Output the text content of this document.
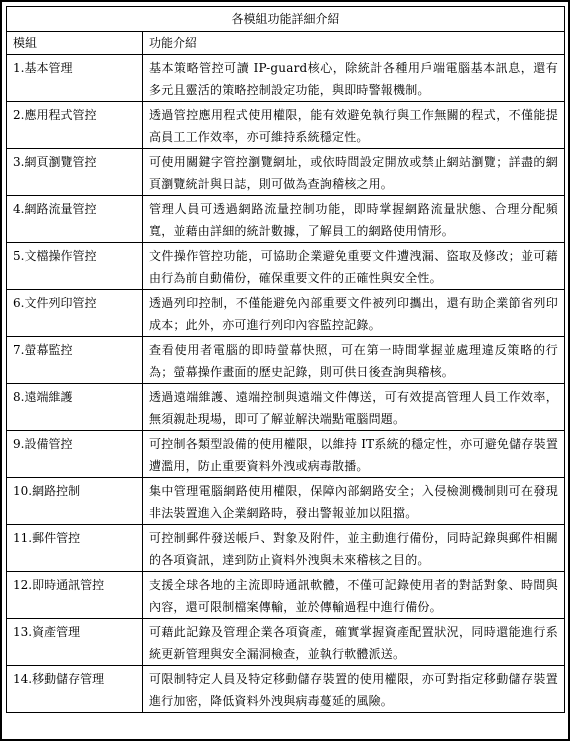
各模組功能詳細介紹	
模組	功能介紹
1.基本管理	基本策略管控可讀 IP-guard核心，除統計各種用戶端電腦基本訊息，還有多元且靈活的策略控制設定功能，與即時警報機制。
2.應用程式管控	透過管控應用程式使用權限，能有效避免執行與工作無關的程式，不僅能提高員工工作效率，亦可維持系統穩定性。
3.網頁瀏覽管控	可使用關鍵字管控瀏覽網址，或依時間設定開放或禁止網站瀏覽；詳盡的網頁瀏覽統計與日誌，則可做為查詢稽核之用。
4.網路流量管控	管理人員可透過網路流量控制功能，即時掌握網路流量狀態、合理分配頻寬，並藉由詳細的統計數據，了解員工的網路使用情形。
5.文檔操作管控	文件操作管控功能，可協助企業避免重要文件遭洩漏、盜取及修改；並可藉由行為前自動備份，確保重要文件的正確性與安全性。
6.文件列印管控	透過列印控制，不僅能避免內部重要文件被列印攜出，還有助企業節省列印成本；此外，亦可進行列印內容監控記錄。
7.螢幕監控	查看使用者電腦的即時螢幕快照，可在第一時間掌握並處理違反策略的行為；螢幕操作畫面的歷史記錄，則可供日後查詢與稽核。
8.遠端維護	透過遠端維護、遠端控制與遠端文件傳送，可有效提高管理人員工作效率，無須親赴現場，即可了解並解決端點電腦問題。
9.設備管控	可控制各類型設備的使用權限，以維持 IT系統的穩定性，亦可避免儲存裝置遭濫用，防止重要資料外洩或病毒散播。
10.網路控制	集中管理電腦網路使用權限，保障內部網路安全；入侵檢測機制則可在發現非法裝置進入企業網路時，發出警報並加以阻擋。
11.郵件管控	可控制郵件發送帳戶、對象及附件，並主動進行備份，同時記錄與郵件相關的各項資訊，達到防止資料外洩與未來稽核之目的。
12.即時通訊管控	支援全球各地的主流即時通訊軟體，不僅可記錄使用者的對話對象、時間與內容，還可限制檔案傳輸，並於傳輸過程中進行備份。
13.資產管理	可藉此記錄及管理企業各項資產，確實掌握資產配置狀況，同時還能進行系統更新管理與安全漏洞檢查，並執行軟體派送。
14.移動儲存管理	可限制特定人員及特定移動儲存裝置的使用權限，亦可對指定移動儲存裝置進行加密，降低資料外洩與病毒蔓延的風險。
